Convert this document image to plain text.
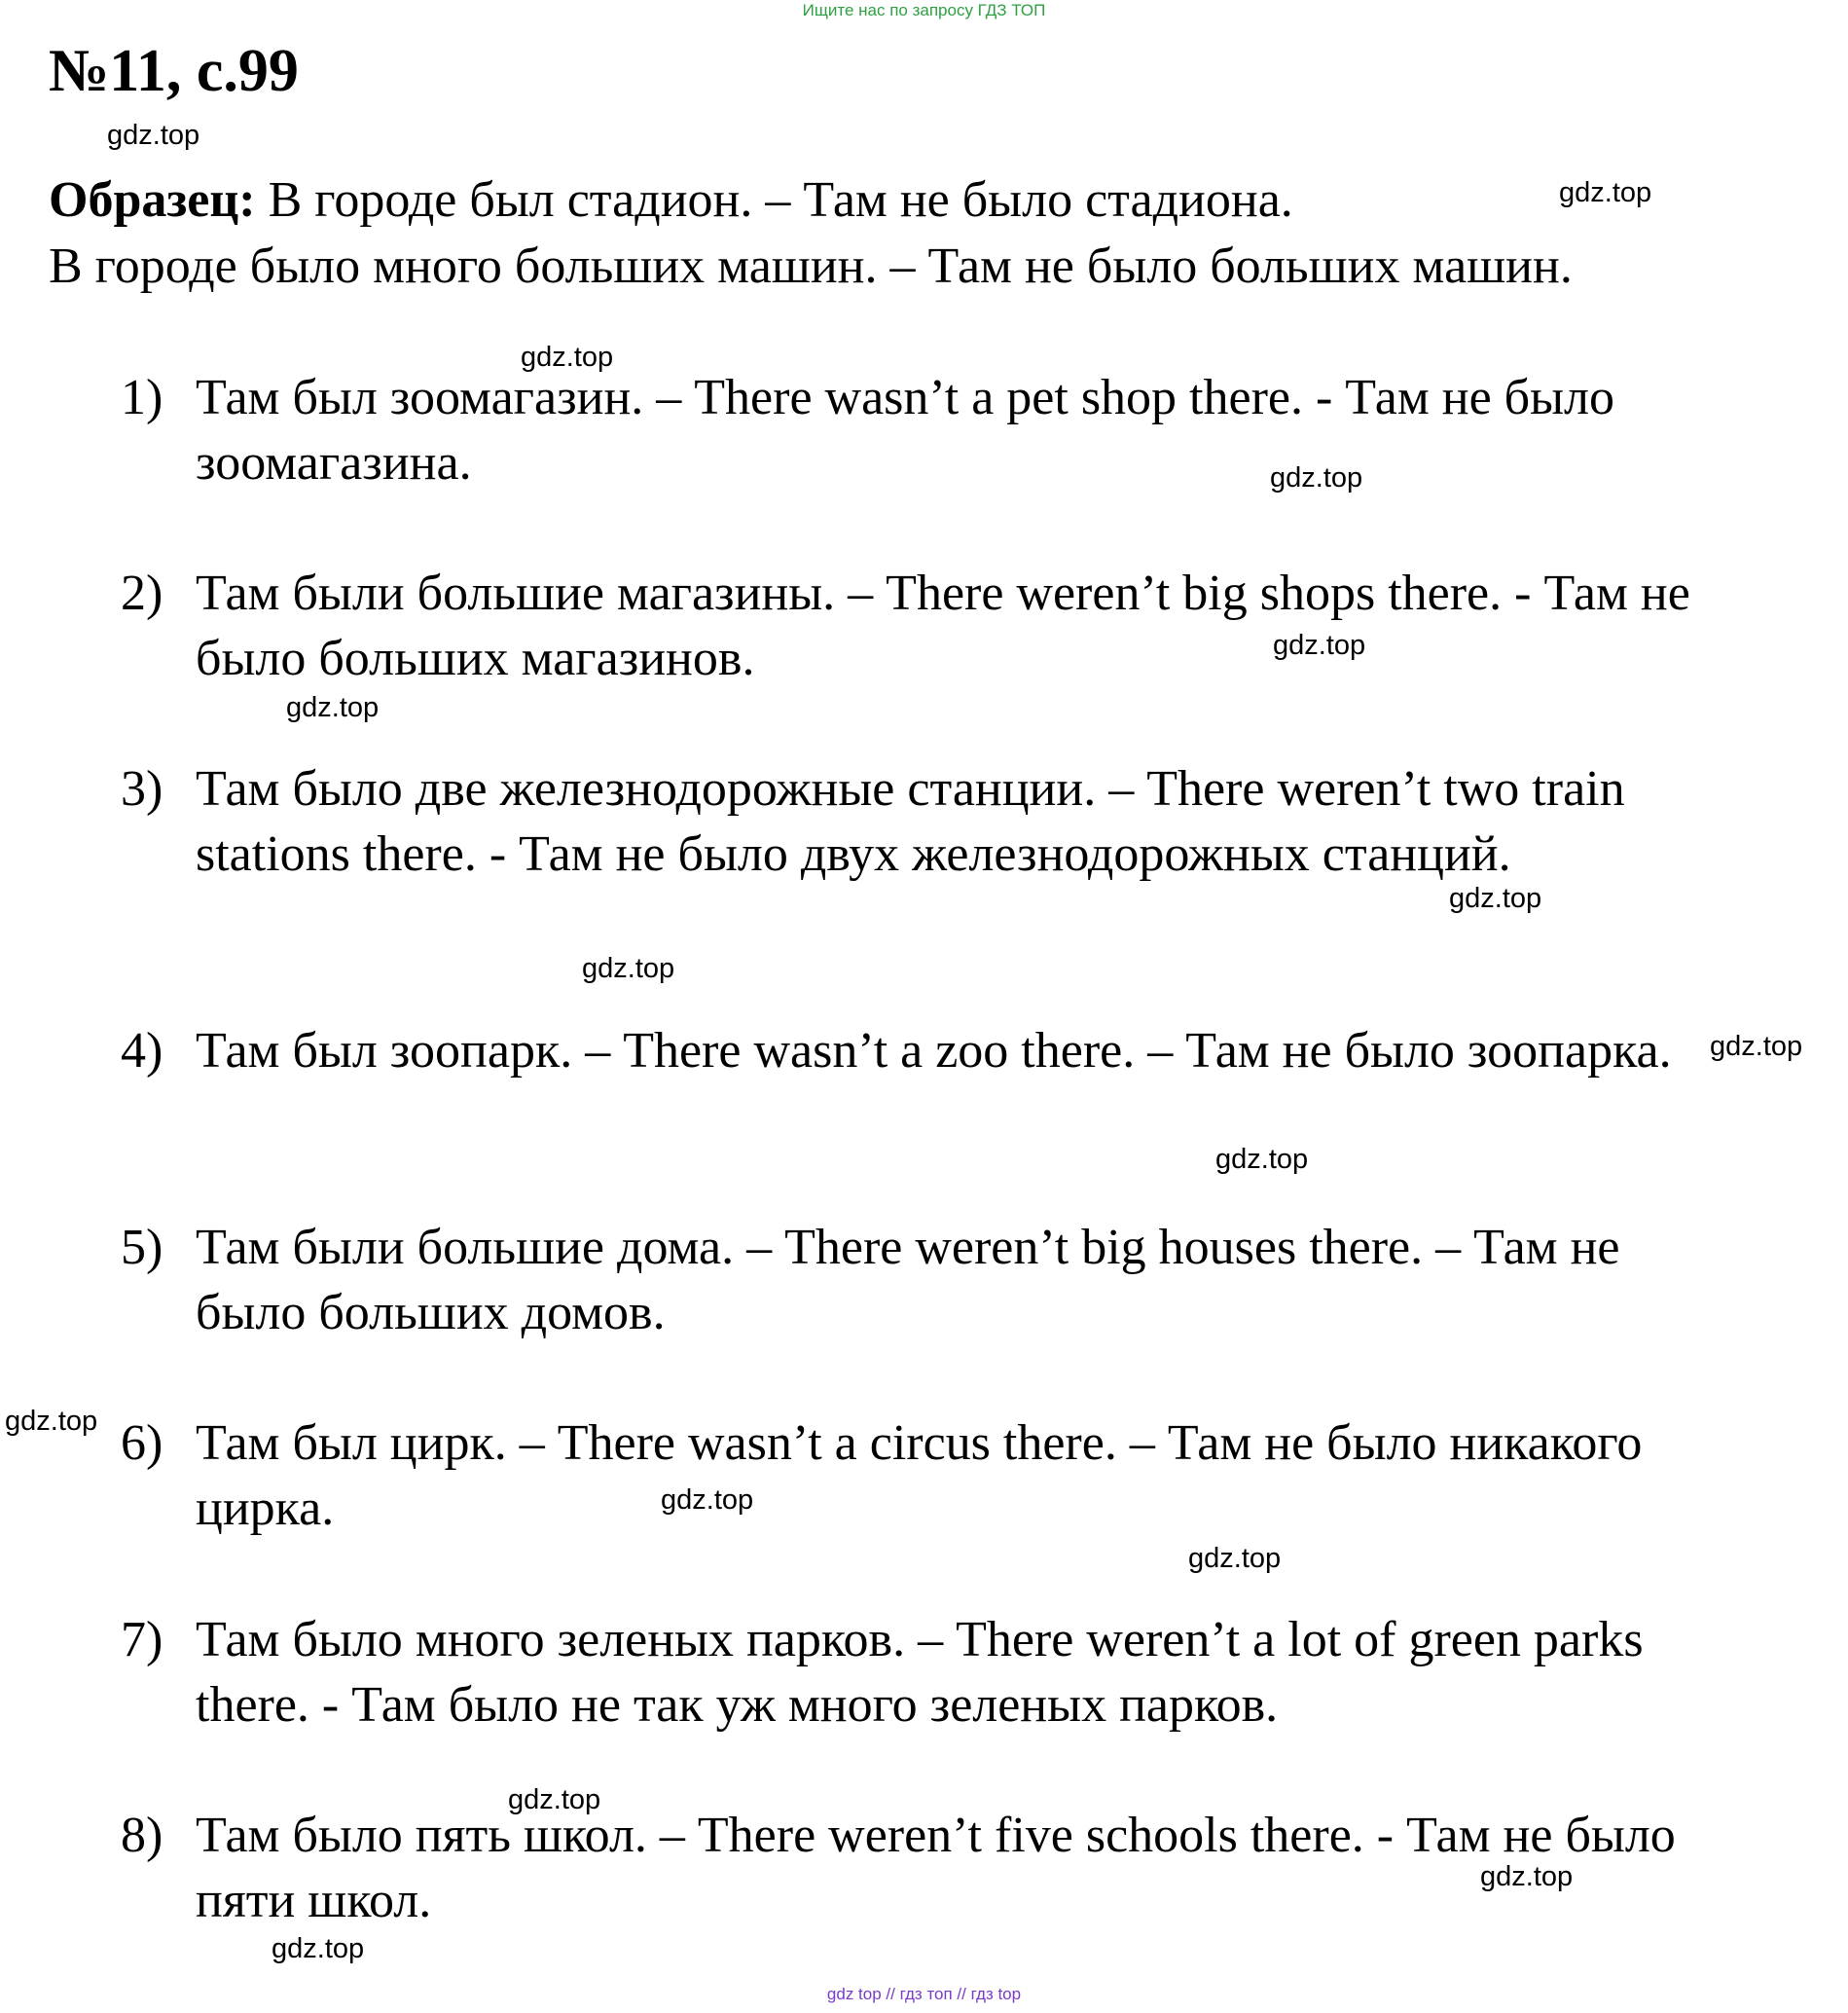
Ищите нас по запросу ГДЗ ТОП
№11, с.99
Образец: В городе был стадион. – Там не было стадиона.
В городе было много больших машин. – Там не было больших машин.
1) Там был зоомагазин. – There wasn’t a pet shop there. - Там не было зоомагазина.
2) Там были большие магазины. – There weren’t big shops there. - Там не было больших магазинов.
3) Там было две железнодорожные станции. – There weren’t two train stations there. - Там не было двух железнодорожных станций.
4) Там был зоопарк. – There wasn’t a zoo there. – Там не было зоопарка.
5) Там были большие дома. – There weren’t big houses there. – Там не было больших домов.
6) Там был цирк. – There wasn’t a circus there. – Там не было никакого цирка.
7) Там было много зеленых парков. – There weren’t a lot of green parks there. - Там было не так уж много зеленых парков.
8) Там было пять школ. – There weren’t five schools there. - Там не было пяти школ.
gdz.top
gdz.top
gdz.top
gdz.top
gdz.top
gdz.top
gdz.top
gdz.top
gdz.top
gdz.top
gdz.top
gdz.top
gdz.top
gdz.top
gdz.top
gdz.top
gdz top // гдз топ // гдз top
